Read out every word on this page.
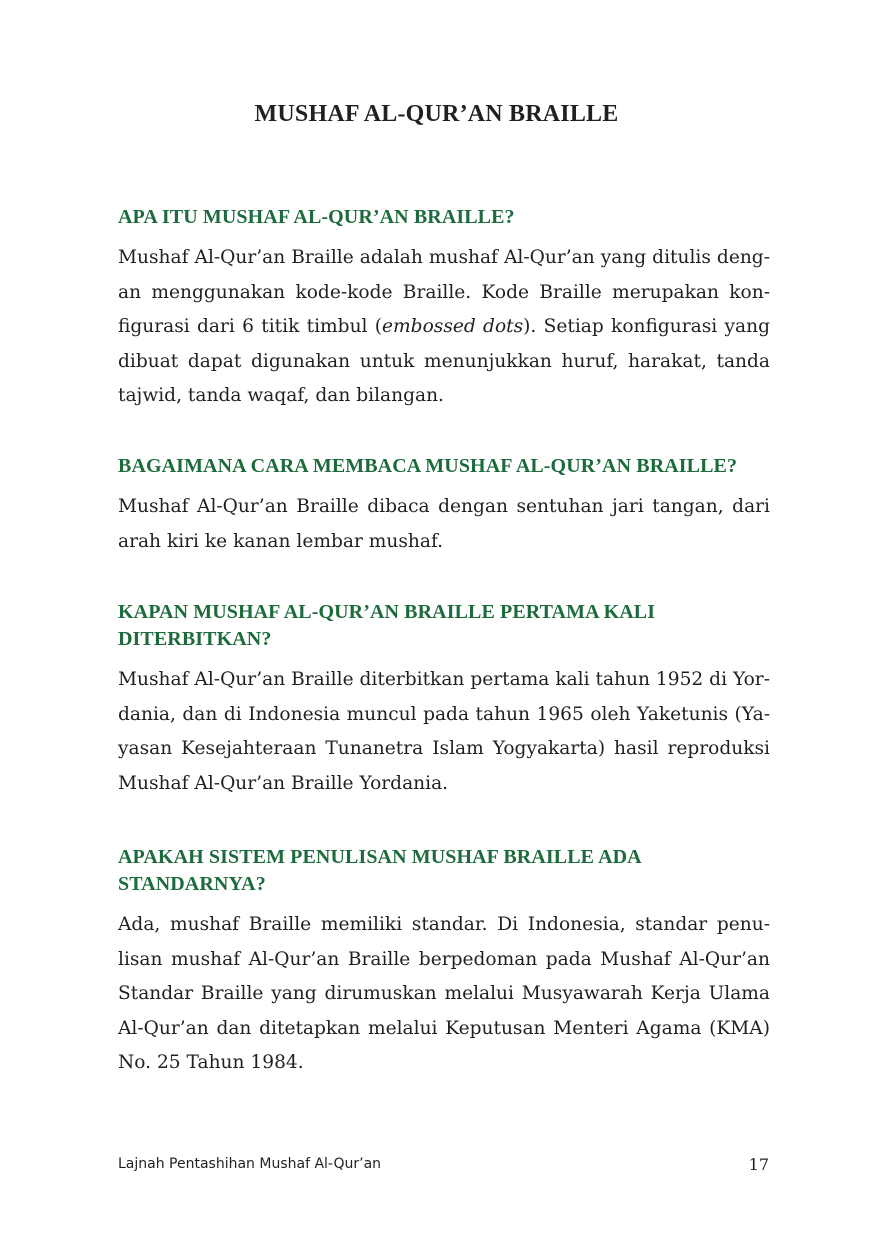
MUSHAF AL-QUR’AN BRAILLE
APA ITU MUSHAF AL-QUR’AN BRAILLE?

Mushaf Al-Qur’an Braille adalah mushaf Al-Qur’an yang ditulis dengan menggunakan kode-kode Braille. Kode Braille merupakan konfigurasi dari 6 titik timbul (embossed dots). Setiap konfigurasi yang dibuat dapat digunakan untuk menunjukkan huruf, harakat, tanda tajwid, tanda waqaf, dan bilangan.

BAGAIMANA CARA MEMBACA MUSHAF AL-QUR’AN BRAILLE?

Mushaf Al-Qur’an Braille dibaca dengan sentuhan jari tangan, dari arah kiri ke kanan lembar mushaf.

KAPAN MUSHAF AL-QUR’AN BRAILLE PERTAMA KALI DITERBITKAN?

Mushaf Al-Qur’an Braille diterbitkan pertama kali tahun 1952 di Yordania, dan di Indonesia muncul pada tahun 1965 oleh Yaketunis (Yayasan Kesejahteraan Tunanetra Islam Yogyakarta) hasil reproduksi Mushaf Al-Qur’an Braille Yordania.

APAKAH SISTEM PENULISAN MUSHAF BRAILLE ADA STANDARNYA?

Ada, mushaf Braille memiliki standar. Di Indonesia, standar penulisan mushaf Al-Qur’an Braille berpedoman pada Mushaf Al-Qur’an Standar Braille yang dirumuskan melalui Musyawarah Kerja Ulama Al-Qur’an dan ditetapkan melalui Keputusan Menteri Agama (KMA) No. 25 Tahun 1984.

Lajnah Pentashihan Mushaf Al-Qur’an	17
